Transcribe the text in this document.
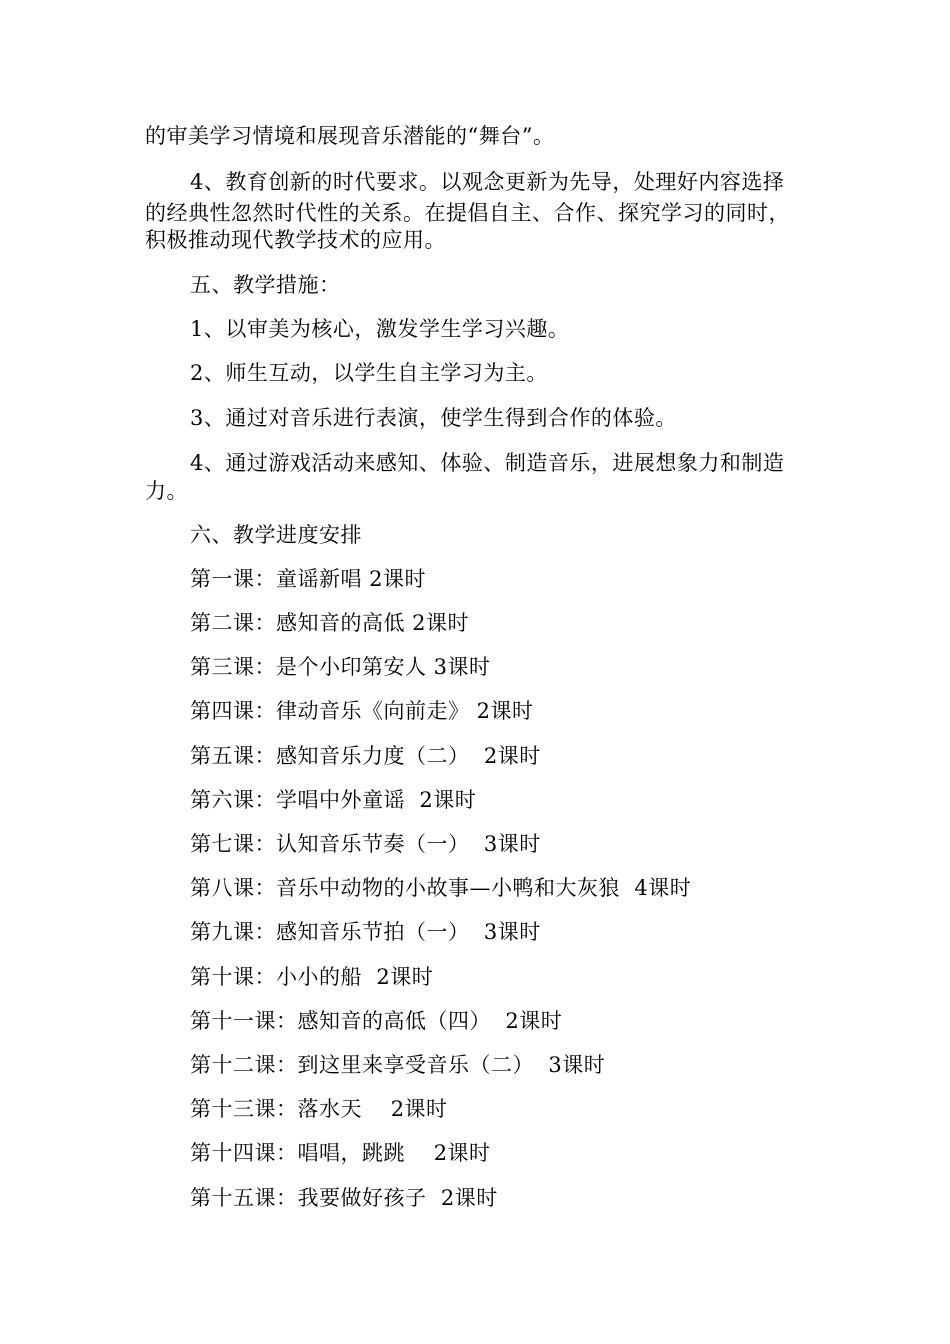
的审美学习情境和展现音乐潜能的“舞台”。
4、教育创新的时代要求。以观念更新为先导，处理好内容选择
的经典性忽然时代性的关系。在提倡自主、合作、探究学习的同时，
积极推动现代教学技术的应用。
五、教学措施：
1、以审美为核心，激发学生学习兴趣。
2、师生互动，以学生自主学习为主。
3、通过对音乐进行表演，使学生得到合作的体验。
4、通过游戏活动来感知、体验、制造音乐，进展想象力和制造
力。
六、教学进度安排
第一课：童谣新唱 2课时
第二课：感知音的高低 2课时
第三课：是个小印第安人 3课时
第四课：律动音乐《向前走》 2课时
第五课：感知音乐力度（二）  2课时
第六课：学唱中外童谣  2课时
第七课：认知音乐节奏（一）  3课时
第八课：音乐中动物的小故事—小鸭和大灰狼  4课时
第九课：感知音乐节拍（一）  3课时
第十课：小小的船  2课时
第十一课：感知音的高低（四）  2课时
第十二课：到这里来享受音乐（二）  3课时
第十三课：落水天    2课时
第十四课：唱唱，跳跳    2课时
第十五课：我要做好孩子  2课时
